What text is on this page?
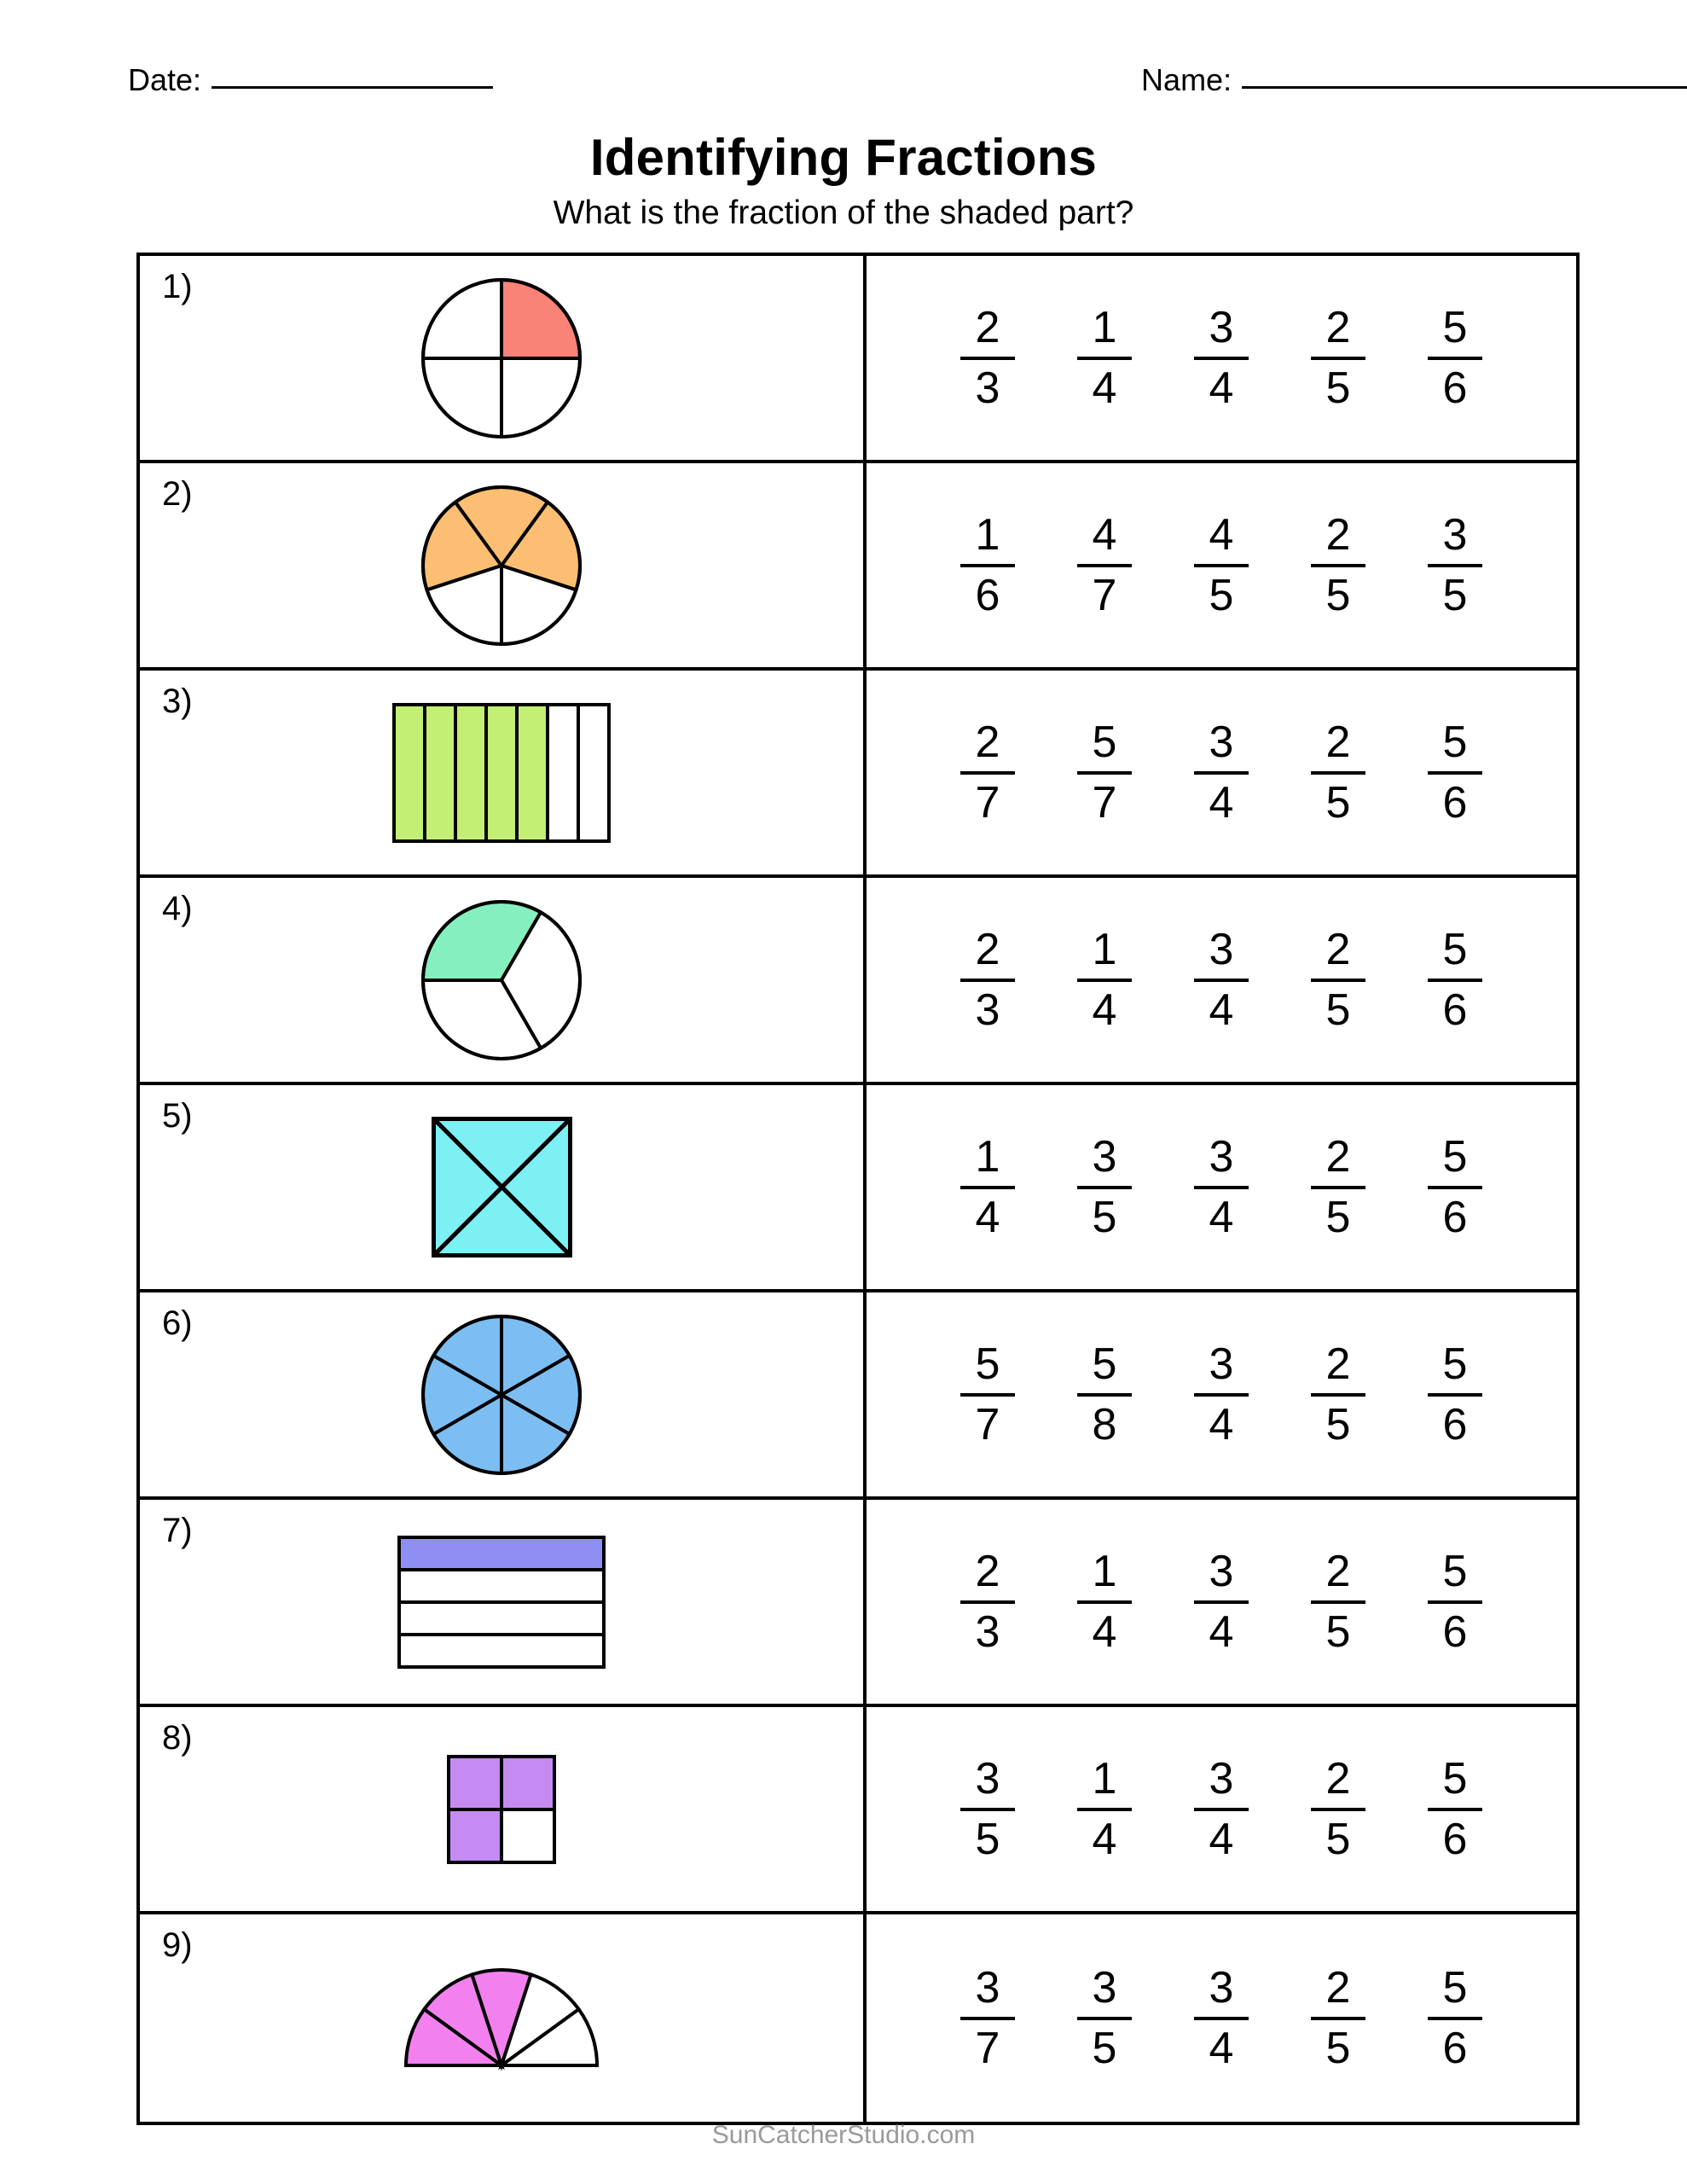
Date:	Name:
Identifying Fractions
What is the fraction of the shaded part?
1)
$\frac{2}{3} \frac{1}{4} \frac{3}{4} \frac{2}{5} \frac{5}{6}$
2)
$\frac{1}{6} \frac{4}{7} \frac{4}{5} \frac{2}{5} \frac{3}{5}$
3)
$\frac{2}{7} \frac{5}{7} \frac{3}{4} \frac{2}{5} \frac{5}{6}$
4)
$\frac{2}{3} \frac{1}{4} \frac{3}{4} \frac{2}{5} \frac{5}{6}$
5)
$\frac{1}{4} \frac{3}{5} \frac{3}{4} \frac{2}{5} \frac{5}{6}$
6)
$\frac{5}{7} \frac{5}{8} \frac{3}{4} \frac{2}{5} \frac{5}{6}$
7)
$\frac{2}{3} \frac{1}{4} \frac{3}{4} \frac{2}{5} \frac{5}{6}$
8)
$\frac{3}{5} \frac{1}{4} \frac{3}{4} \frac{2}{5} \frac{5}{6}$
9)
$\frac{3}{7} \frac{3}{5} \frac{3}{4} \frac{2}{5} \frac{5}{6}$
SunCatcherStudio.com
